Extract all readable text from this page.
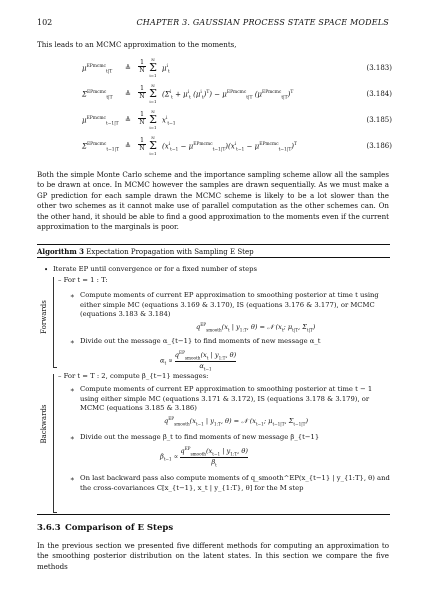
102	CHAPTER 3. GAUSSIAN PROCESS STATE SPACE MODELS
This leads to an MCMC approximation to the moments,
$\mu^{EPmcmc}_{t|T}$
≜ $\frac{1}{N}$	N
Σ
i=1
$\mu^i_t$
(3.183)
$\Sigma^{EPmcmc}_{t|T}$
≜ $\frac{1}{N}$	N
Σ
i=1
($\Sigma^i_t + \mu^i_t$ $(\mu^i_t)^T) - \mu^{EPmcmc}_{t|T}$ $(\mu^{EPmcmc}_{t|T})^T$	(3.184)
$\mu^{EPmcmc}_{t-1|T}$
≜ $\frac{1}{N}$	N
Σ
i=1
$x^i_{t-1}$
(3.185)
$\Sigma^{EPmcmc}_{t-1|T}$
≜ $\frac{1}{N}$	N
Σ
i=1
$(x^i_{t-1} - \mu^{EPmcmc}_{t-1|T})(x^i_{t-1} - \mu^{EPmcmc}_{t-1|T})^T$	(3.186)
Both the simple Monte Carlo scheme and the importance sampling scheme allow all the samples to be drawn at once. In MCMC however the samples are drawn sequentially. As we must make a GP prediction for each sample drawn the MCMC scheme is likely to be a lot slower than the other two schemes as it cannot make use of parallel computation as the other schemes can. On the other hand, it should be able to find a good approximation to the moments even if the current approximation to the marginals is poor.
Algorithm 3 Expectation Propagation with Sampling E Step
• Iterate EP until convergence or for a fixed number of steps
Forwards
– For t = 1 : T:
∗ Compute moments of current EP approximation to smoothing posterior at time t using either simple MC (equations 3.169 & 3.170), IS (equations 3.176 & 3.177), or MCMC (equations 3.183 & 3.184)
$q^{EP}_{smooth}(x_t$ | $y_{1:T}$, θ) = 𝒩 ($x_t$; $\mu_{t|T}$, $\Sigma_{t|T}$)
∗ Divide out the message α_{t−1} to find moments of new message α_t
$\alpha_t$ ∝
$q^{EP}_{smooth}(x_t$ | $y_{1:T}$, θ)
$\alpha_{t-1}$
Backwards
– For t = T : 2, compute β_{t−1} messages:
∗ Compute moments of current EP approximation to smoothing posterior at time t − 1 using either simple MC (equations 3.171 & 3.172), IS (equations 3.178 & 3.179), or MCMC (equations 3.185 & 3.186)
$q^{EP}_{smooth}(x_{t-1}$ | $y_{1:T}$, θ) = 𝒩 ($x_{t-1}$; $\mu_{t-1|T}$, $\Sigma_{t-1|T}$)
∗ Divide out the message β_t to find moments of new message β_{t−1}
$\beta_{t-1}$ ∝
$q^{EP}_{smooth}(x_{t-1}$ | $y_{1:T}$, θ)
$\beta_t$
∗ On last backward pass also compute moments of q_smooth^EP(x_{t−1} | y_{1:T}, θ) and the cross-covariances C[x_{t−1}, x_t | y_{1:T}, θ] for the M step
3.6.3 Comparison of E Steps
In the previous section we presented five different methods for computing an approximation to the smoothing posterior distribution on the latent states. In this section we compare the five methods
